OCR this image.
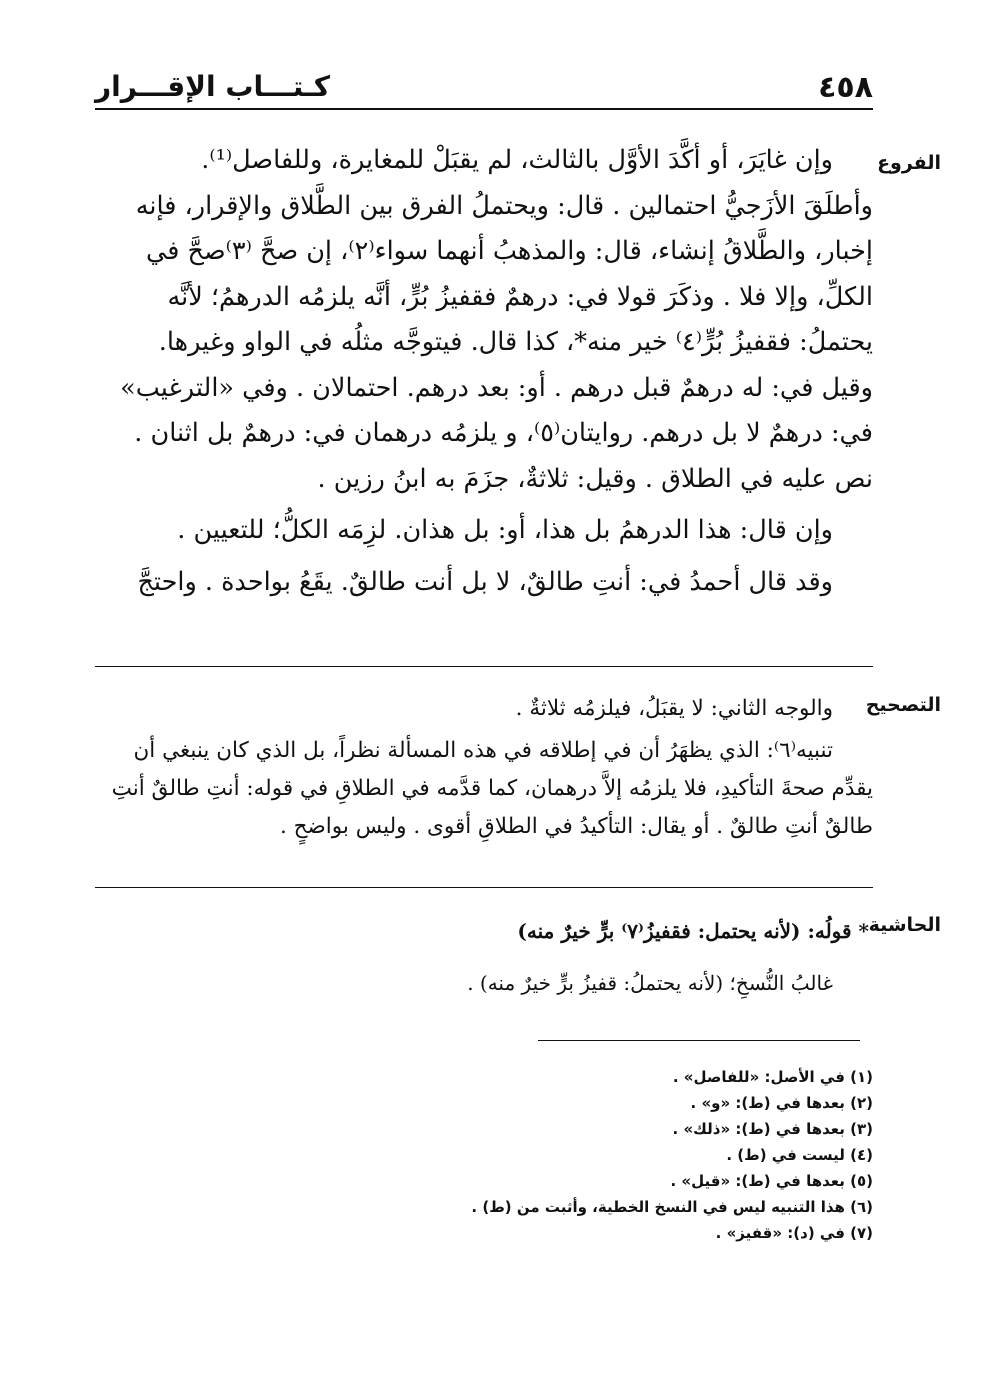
٤٥٨
كـتـــاب الإقـــرار
الفروع

وإن غايَرَ، أو أكَّدَ الأوَّل بالثالث، لم يقبَلْ للمغايرة، وللفاصل⁽¹⁾.

وأطلَقَ الأزَجيُّ احتمالين . قال: ويحتملُ الفرق بين الطَّلاق والإقرار، فإنه

إخبار، والطَّلاقُ إنشاء، قال: والمذهبُ أنهما سواء⁽٢⁾، إن صحَّ ⁽٣⁾صحَّ في

الكلِّ، وإلا فلا . وذكَرَ قولا في: درهمٌ فقفيزُ بُرٍّ، أنَّه يلزمُه الدرهمُ؛ لأنَّه

يحتملُ: فقفيزُ بُرٍّ⁽٤⁾ خير منه*، كذا قال. فيتوجَّه مثلُه في الواو وغيرها.

وقيل في: له درهمٌ قبل درهم . أو: بعد درهم. احتمالان . وفي «الترغيب»

في: درهمٌ لا بل درهم. روايتان⁽٥⁾، و يلزمُه درهمان في: درهمٌ بل اثنان .

نص عليه في الطلاق . وقيل: ثلاثةٌ، جزَمَ به ابنُ رزين .

وإن قال: هذا الدرهمُ بل هذا، أو: بل هذان. لزِمَه الكلُّ؛ للتعيين .

وقد قال أحمدُ في: أنتِ طالقٌ، لا بل أنت طالقٌ. يقَعُ بواحدة . واحتجَّ

التصحيح

والوجه الثاني: لا يقبَلُ، فيلزمُه ثلاثةٌ .

تنبيه⁽٦⁾: الذي يظهَرُ أن في إطلاقه في هذه المسألة نظراً، بل الذي كان ينبغي أن

يقدِّم صحةَ التأكيدِ، فلا يلزمُه إلاَّ درهمان، كما قدَّمه في الطلاقِ في قوله: أنتِ طالقٌ أنتِ

طالقٌ أنتِ طالقٌ . أو يقال: التأكيدُ في الطلاقِ أقوى . وليس بواضحٍ .

الحاشية

* قولُه: (لأنه يحتمل: فقفيزُ⁽٧⁾ برٍّ خيرٌ منه)

غالبُ النُّسخِ؛ (لأنه يحتملُ: قفيزُ برٍّ خيرٌ منه) .

(١) في الأصل: «للفاصل» .
(٢) بعدها في (ط): «و» .
(٣) بعدها في (ط): «ذلك» .
(٤) ليست في (ط) .
(٥) بعدها في (ط): «قيل» .
(٦) هذا التنبيه ليس في النسخ الخطية، وأثبت من (ط) .
(٧) في (د): «قفيز» .
